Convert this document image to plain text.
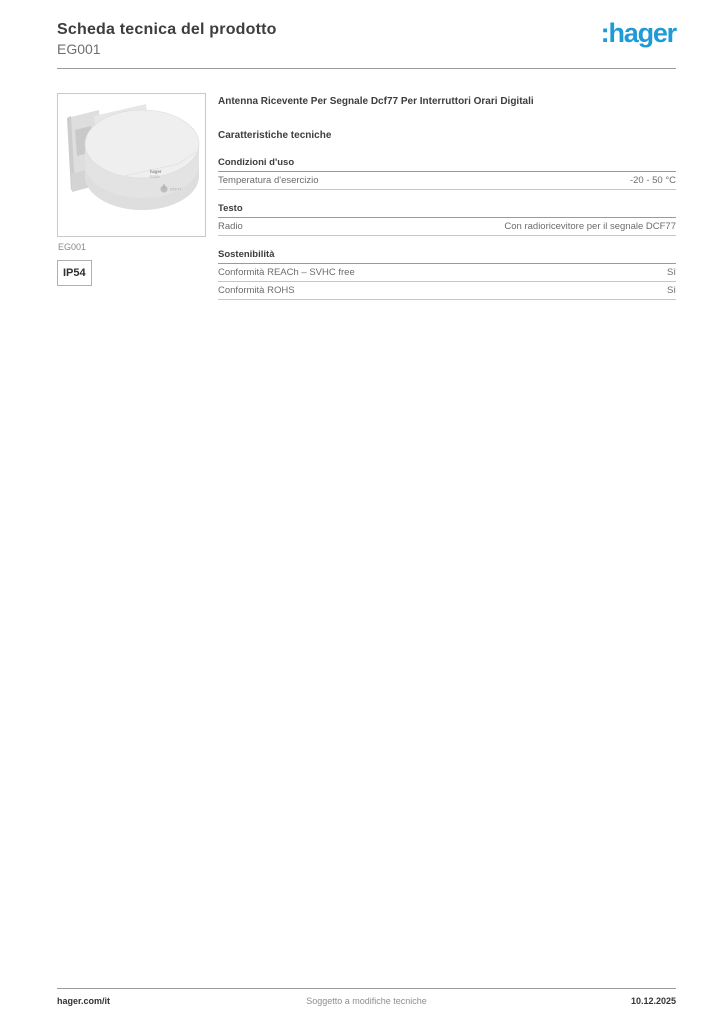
Scheda tecnica del prodotto
EG001
:hager
hager
EG001
DCF77
EG001
IP54
Antenna Ricevente Per Segnale Dcf77 Per Interruttori Orari Digitali
Caratteristiche tecniche
Condizioni d'uso
Temperatura d'esercizio	-20 - 50 °C
Testo
Radio	Con radioricevitore per il segnale DCF77
Sostenibilità
Conformità REACh – SVHC free	Sì
Conformità ROHS	Sì
hager.com/it	Soggetto a modifiche tecniche	10.12.2025
